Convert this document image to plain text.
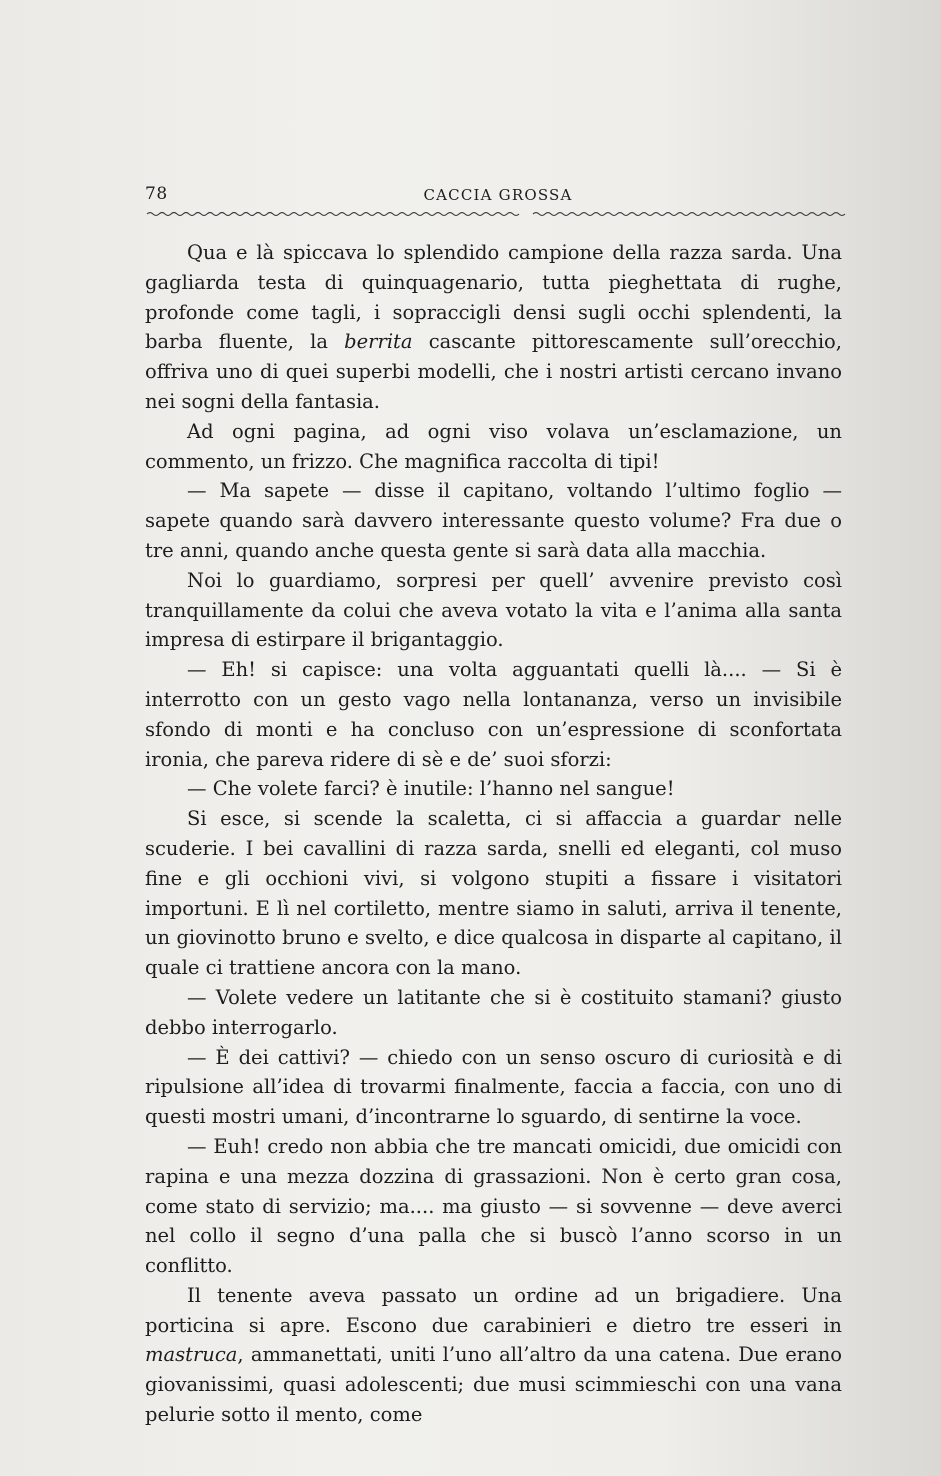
78	CACCIA GROSSA

Qua e là spiccava lo splendido campione della razza sarda. Una gagliarda testa di quinquagenario, tutta pieghettata di rughe, profonde come tagli, i sopraccigli densi sugli occhi splendenti, la barba fluente, la berrita cascante pittorescamente sull’orecchio, offriva uno di quei superbi modelli, che i nostri artisti cercano invano nei sogni della fantasia.

Ad ogni pagina, ad ogni viso volava un’esclamazione, un commento, un frizzo. Che magnifica raccolta di tipi!

— Ma sapete — disse il capitano, voltando l’ultimo foglio — sapete quando sarà davvero interessante questo volume? Fra due o tre anni, quando anche questa gente si sarà data alla macchia.

Noi lo guardiamo, sorpresi per quell’ avvenire previsto così tranquillamente da colui che aveva votato la vita e l’anima alla santa impresa di estirpare il brigantaggio.

— Eh! si capisce: una volta agguantati quelli là.... — Si è interrotto con un gesto vago nella lontananza, verso un invisibile sfondo di monti e ha concluso con un’espressione di sconfortata ironia, che pareva ridere di sè e de’ suoi sforzi:

— Che volete farci? è inutile: l’hanno nel sangue!

Si esce, si scende la scaletta, ci si affaccia a guardar nelle scuderie. I bei cavallini di razza sarda, snelli ed eleganti, col muso fine e gli occhioni vivi, si volgono stupiti a fissare i visitatori importuni. E lì nel cortiletto, mentre siamo in saluti, arriva il tenente, un giovinotto bruno e svelto, e dice qualcosa in disparte al capitano, il quale ci trattiene ancora con la mano.

— Volete vedere un latitante che si è costituito stamani? giusto debbo interrogarlo.

— È dei cattivi? — chiedo con un senso oscuro di curiosità e di ripulsione all’idea di trovarmi finalmente, faccia a faccia, con uno di questi mostri umani, d’incontrarne lo sguardo, di sentirne la voce.

— Euh! credo non abbia che tre mancati omicidi, due omicidi con rapina e una mezza dozzina di grassazioni. Non è certo gran cosa, come stato di servizio; ma.... ma giusto — si sovvenne — deve averci nel collo il segno d’una palla che si buscò l’anno scorso in un conflitto.

Il tenente aveva passato un ordine ad un brigadiere. Una porticina si apre. Escono due carabinieri e dietro tre esseri in mastruca, ammanettati, uniti l’uno all’altro da una catena. Due erano giovanissimi, quasi adolescenti; due musi scimmieschi con una vana pelurie sotto il mento, come
